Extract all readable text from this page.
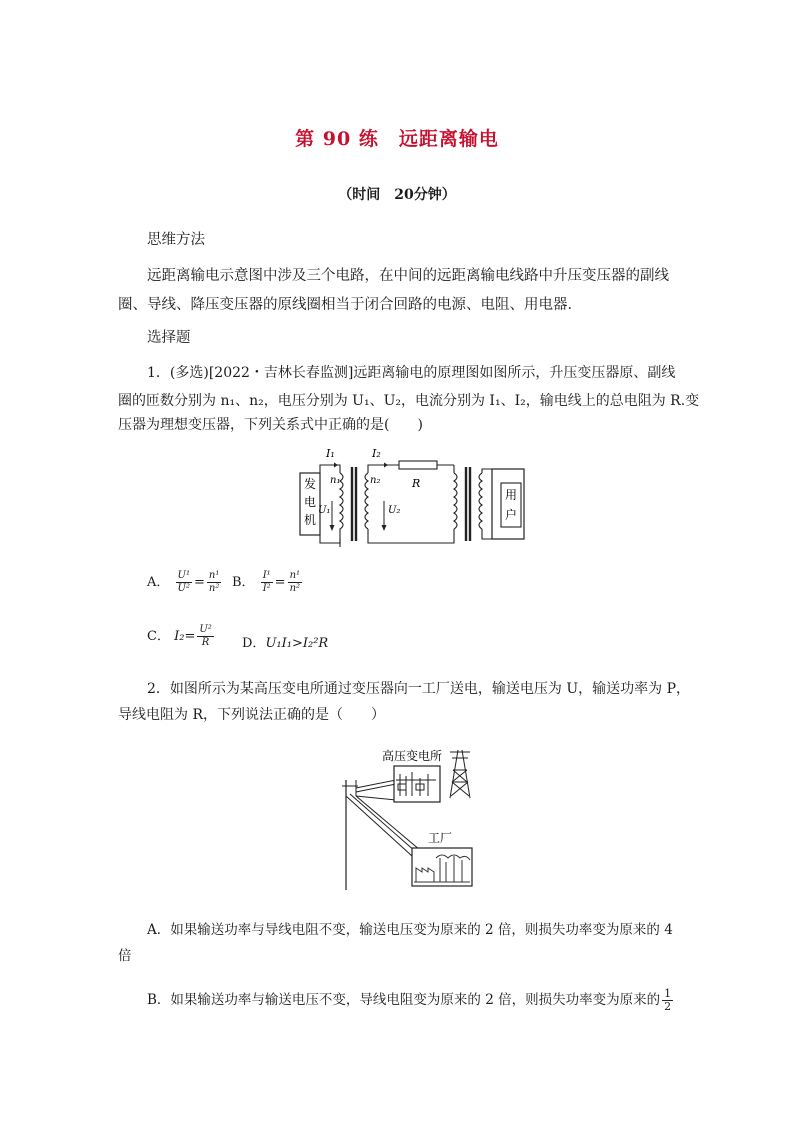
第 90 练　远距离输电
（时间　20分钟）
思维方法
远距离输电示意图中涉及三个电路，在中间的远距离输电线路中升压变压器的副线圈、导线、降压变压器的原线圈相当于闭合回路的电源、电阻、用电器．
选择题
1．(多选)[2022・吉林长春监测]远距离输电的原理图如图所示，升压变压器原、副线
圈的匝数分别为 n₁、n₂，电压分别为 U₁、U₂，电流分别为 I₁、I₂，输电线上的总电阻为 R.变
压器为理想变压器，下列关系式中正确的是(　　)
发
电
机
用
户
I₁	I₂
n₁	n₂
U₁	U₂
R
A． $\frac{\text{U¹}}{\text{U²}} = \frac{\text{n¹}}{\text{n²}}$ B． $\frac{\text{I¹}}{\text{I²}} = \frac{\text{n¹}}{\text{n²}}$
C． $I_2= \frac{\text{U²}}{R}$ D．U₁I₁>I₂²R
2．如图所示为某高压变电所通过变压器向一工厂送电，输送电压为 U，输送功率为 P，
导线电阻为 R，下列说法正确的是（　　）
高压变电所
工厂
A．如果输送功率与导线电阻不变，输送电压变为原来的 2 倍，则损失功率变为原来的 4
倍
B．如果输送功率与输送电压不变，导线电阻变为原来的 2 倍，则损失功率变为原来的 $\frac{1}{2}$
